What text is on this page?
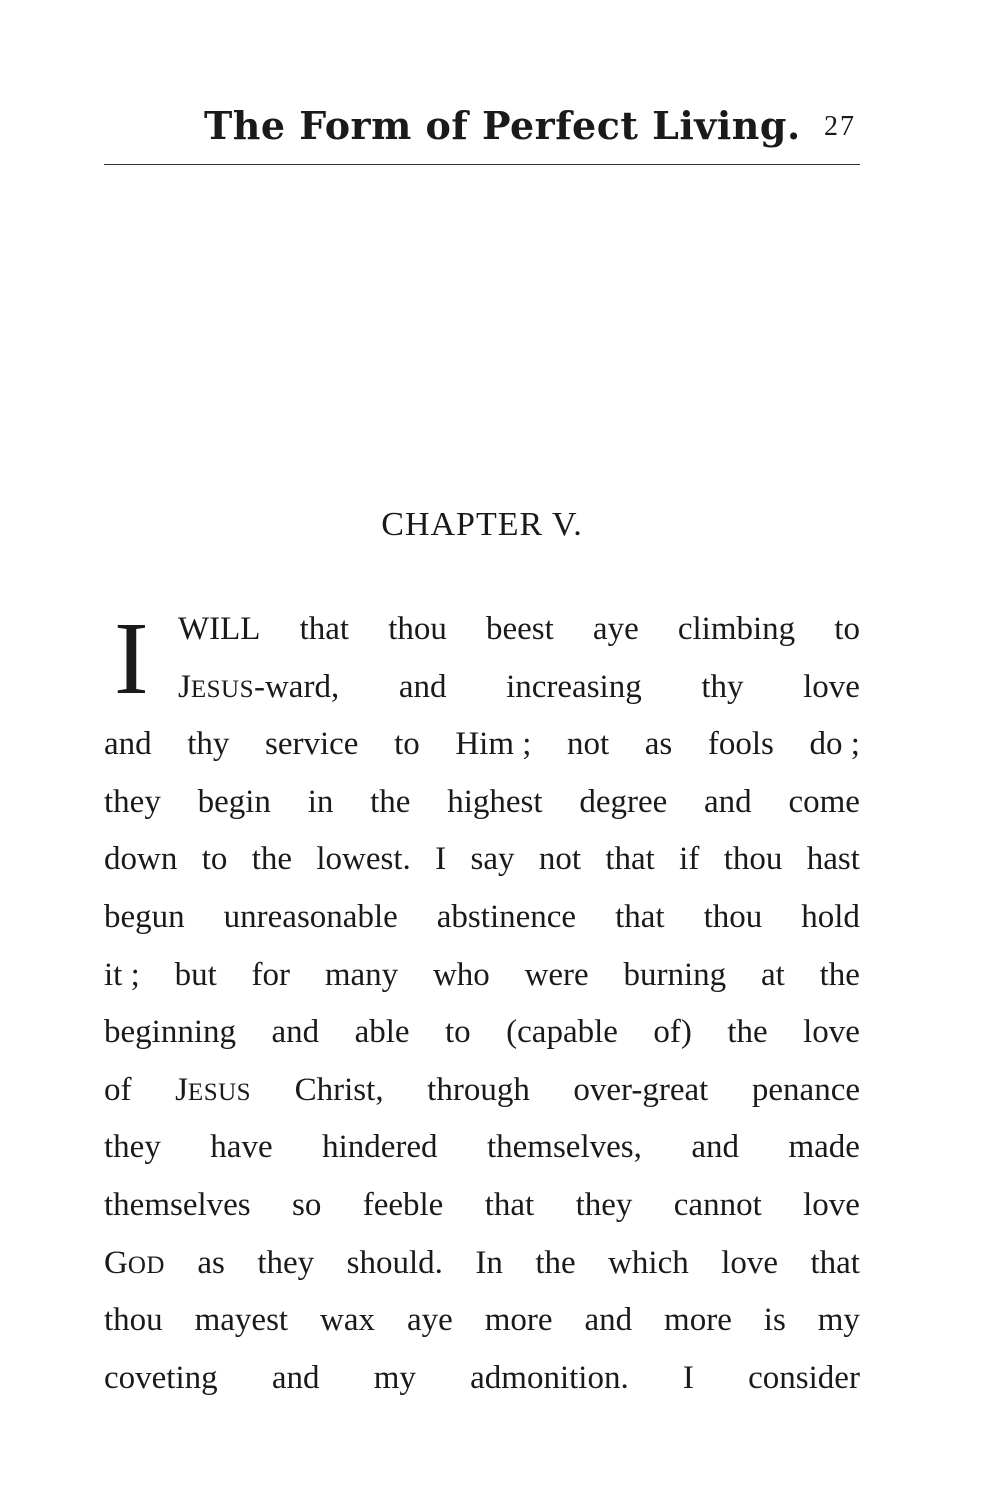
The Form of Perfect Living. 27
CHAPTER V.
I WILL that thou beest aye climbing to
JESUS-ward, and increasing thy love
and thy service to Him ; not as fools do ;
they begin in the highest degree and come
down to the lowest. I say not that if thou hast
begun unreasonable abstinence that thou hold
it ; but for many who were burning at the
beginning and able to (capable of) the love
of JESUS Christ, through over-great penance
they have hindered themselves, and made
themselves so feeble that they cannot love
GOD as they should. In the which love that
thou mayest wax aye more and more is my
coveting and my admonition. I consider
